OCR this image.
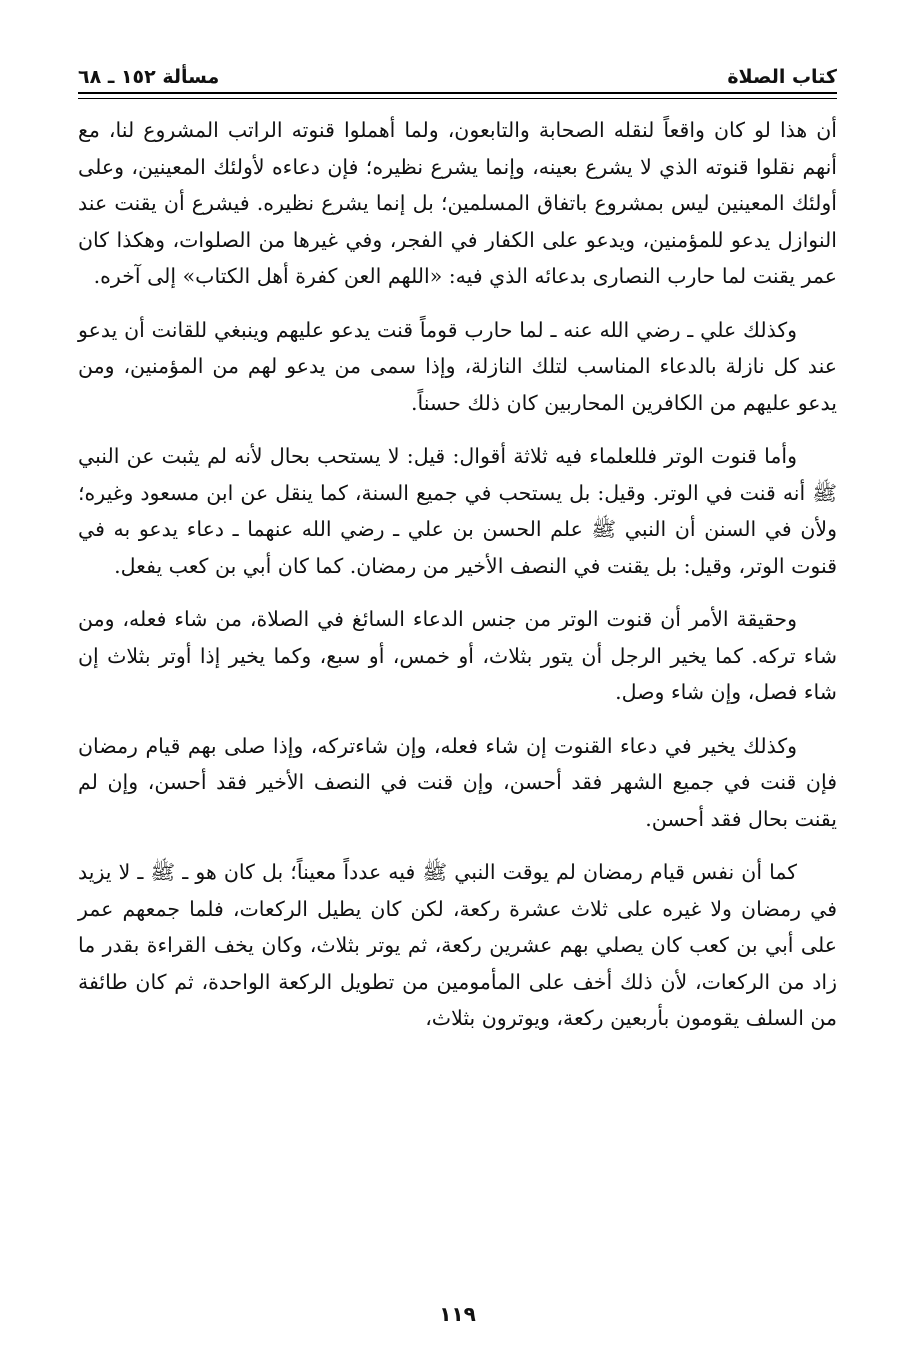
مسألة ١٥٢ ـ ٦٨	كتاب الصلاة

أن هذا لو كان واقعاً لنقله الصحابة والتابعون، ولما أهملوا قنوته الراتب المشروع لنا، مع أنهم نقلوا قنوته الذي لا يشرع بعينه، وإنما يشرع نظيره؛ فإن دعاءه لأولئك المعينين، وعلى أولئك المعينين ليس بمشروع باتفاق المسلمين؛ بل إنما يشرع نظيره. فيشرع أن يقنت عند النوازل يدعو للمؤمنين، ويدعو على الكفار في الفجر، وفي غيرها من الصلوات، وهكذا كان عمر يقنت لما حارب النصارى بدعائه الذي فيه: «اللهم العن كفرة أهل الكتاب» إلى آخره.

وكذلك علي ـ رضي الله عنه ـ لما حارب قوماً قنت يدعو عليهم وينبغي للقانت أن يدعو عند كل نازلة بالدعاء المناسب لتلك النازلة، وإذا سمى من يدعو لهم من المؤمنين، ومن يدعو عليهم من الكافرين المحاربين كان ذلك حسناً.

وأما قنوت الوتر فللعلماء فيه ثلاثة أقوال: قيل: لا يستحب بحال لأنه لم يثبت عن النبي ﷺ أنه قنت في الوتر. وقيل: بل يستحب في جميع السنة، كما ينقل عن ابن مسعود وغيره؛ ولأن في السنن أن النبي ﷺ علم الحسن بن علي ـ رضي الله عنهما ـ دعاء يدعو به في قنوت الوتر، وقيل: بل يقنت في النصف الأخير من رمضان. كما كان أبي بن كعب يفعل.

وحقيقة الأمر أن قنوت الوتر من جنس الدعاء السائغ في الصلاة، من شاء فعله، ومن شاء تركه. كما يخير الرجل أن يتور بثلاث، أو خمس، أو سبع، وكما يخير إذا أوتر بثلاث إن شاء فصل، وإن شاء وصل.

وكذلك يخير في دعاء القنوت إن شاء فعله، وإن شاءتركه، وإذا صلى بهم قيام رمضان فإن قنت في جميع الشهر فقد أحسن، وإن قنت في النصف الأخير فقد أحسن، وإن لم يقنت بحال فقد أحسن.

كما أن نفس قيام رمضان لم يوقت النبي ﷺ فيه عدداً معيناً؛ بل كان هو ـ ﷺ ـ لا يزيد في رمضان ولا غيره على ثلاث عشرة ركعة، لكن كان يطيل الركعات، فلما جمعهم عمر على أبي بن كعب كان يصلي بهم عشرين ركعة، ثم يوتر بثلاث، وكان يخف القراءة بقدر ما زاد من الركعات، لأن ذلك أخف على المأمومين من تطويل الركعة الواحدة، ثم كان طائفة من السلف يقومون بأربعين ركعة، ويوترون بثلاث،

١١٩
